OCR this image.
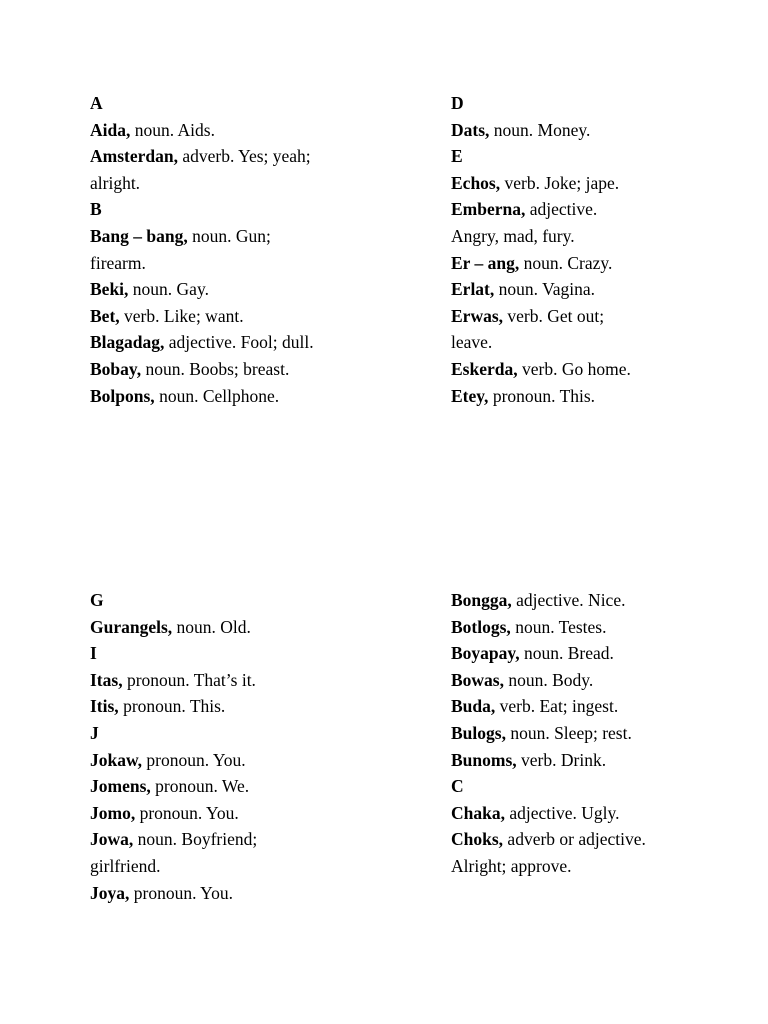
A
Aida, noun. Aids.
Amsterdan, adverb. Yes; yeah;
alright.
B
Bang – bang, noun. Gun;
firearm.
Beki, noun. Gay.
Bet, verb. Like; want.
Blagadag, adjective. Fool; dull.
Bobay, noun. Boobs; breast.
Bolpons, noun. Cellphone.
D
Dats, noun. Money.
E
Echos, verb. Joke; jape.
Emberna, adjective.
Angry, mad, fury.
Er – ang, noun. Crazy.
Erlat, noun. Vagina.
Erwas, verb. Get out;
leave.
Eskerda, verb. Go home.
Etey, pronoun. This.
G
Gurangels, noun. Old.
I
Itas, pronoun. That’s it.
Itis, pronoun. This.
J
Jokaw, pronoun. You.
Jomens, pronoun. We.
Jomo, pronoun. You.
Jowa, noun. Boyfriend;
girlfriend.
Joya, pronoun. You.
Bongga, adjective. Nice.
Botlogs, noun. Testes.
Boyapay, noun. Bread.
Bowas, noun. Body.
Buda, verb. Eat; ingest.
Bulogs, noun. Sleep; rest.
Bunoms, verb. Drink.
C
Chaka, adjective. Ugly.
Choks, adverb or adjective.
Alright; approve.
